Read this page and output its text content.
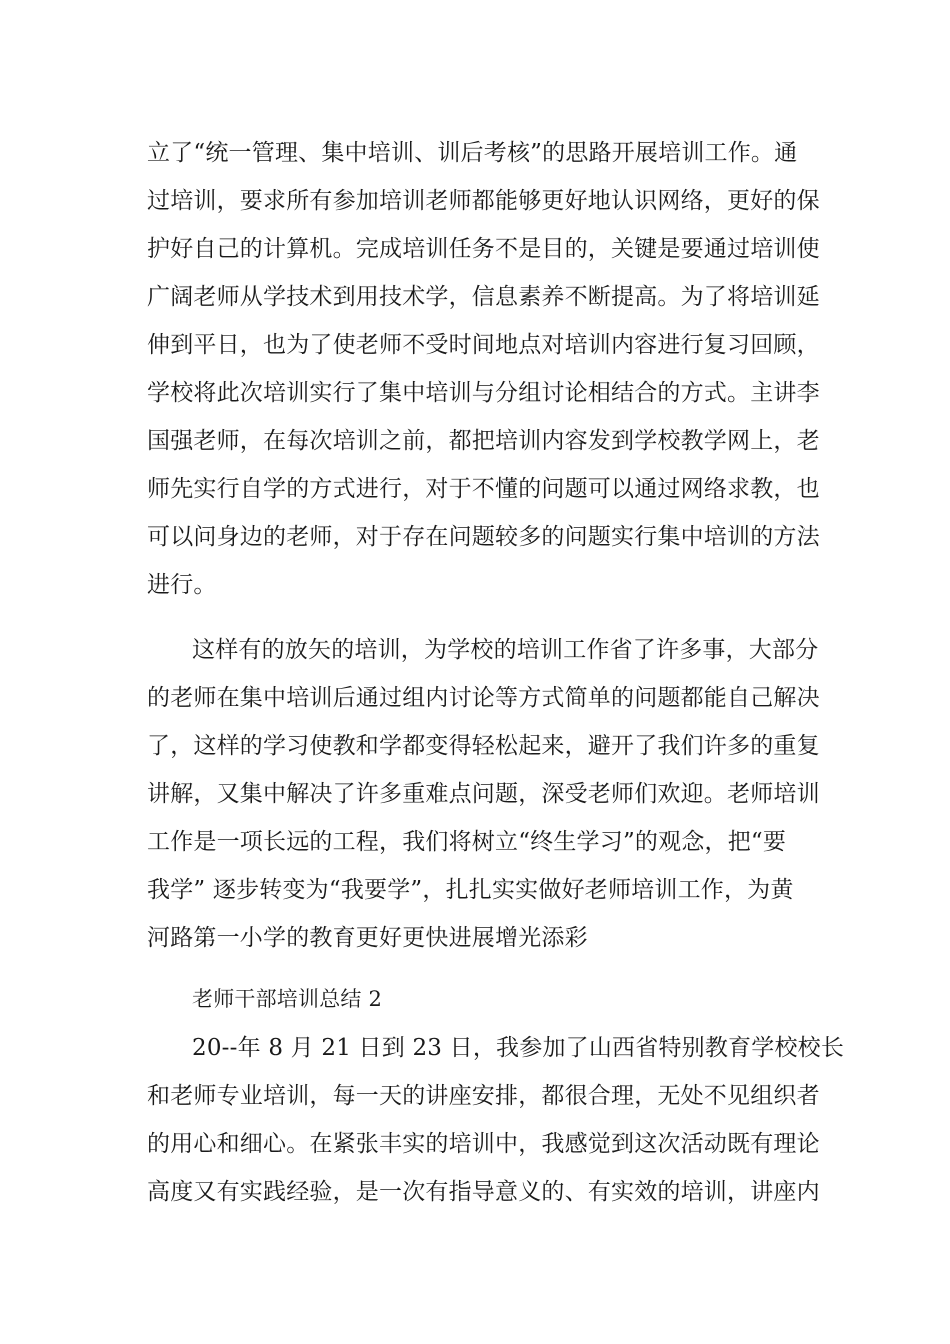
立了“统一管理、集中培训、训后考核”的思路开展培训工作。通
过培训，要求所有参加培训老师都能够更好地认识网络，更好的保
护好自己的计算机。完成培训任务不是目的，关键是要通过培训使
广阔老师从学技术到用技术学，信息素养不断提高。为了将培训延
伸到平日，也为了使老师不受时间地点对培训内容进行复习回顾，
学校将此次培训实行了集中培训与分组讨论相结合的方式。主讲李
国强老师，在每次培训之前，都把培训内容发到学校教学网上，老
师先实行自学的方式进行，对于不懂的问题可以通过网络求教，也
可以问身边的老师，对于存在问题较多的问题实行集中培训的方法
进行。
这样有的放矢的培训，为学校的培训工作省了许多事，大部分
的老师在集中培训后通过组内讨论等方式简单的问题都能自己解决
了，这样的学习使教和学都变得轻松起来，避开了我们许多的重复
讲解，又集中解决了许多重难点问题，深受老师们欢迎。老师培训
工作是一项长远的工程，我们将树立“终生学习”的观念，把“要
我学” 逐步转变为“我要学”，扎扎实实做好老师培训工作，为黄
河路第一小学的教育更好更快进展增光添彩
老师干部培训总结 2
20--年 8 月 21 日到 23 日，我参加了山西省特别教育学校校长
和老师专业培训，每一天的讲座安排，都很合理，无处不见组织者
的用心和细心。在紧张丰实的培训中，我感觉到这次活动既有理论
高度又有实践经验，是一次有指导意义的、有实效的培训，讲座内
